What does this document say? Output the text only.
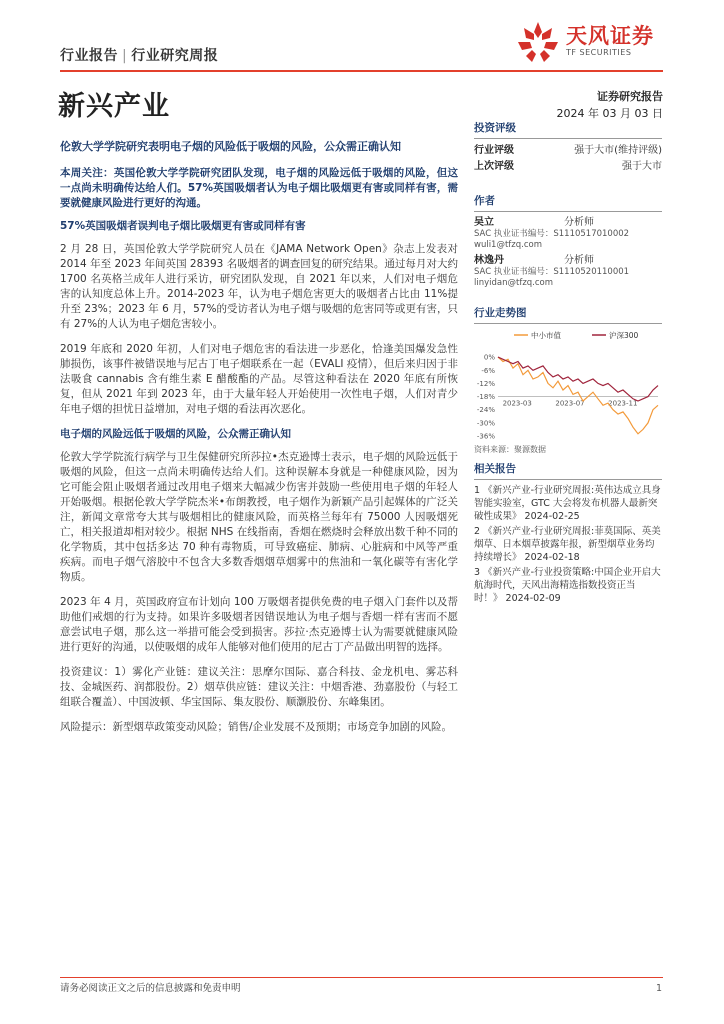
行业报告 | 行业研究周报
天风证券
TF SECURITIES
新兴产业	证券研究报告
2024 年 03 月 03 日
伦敦大学学院研究表明电子烟的风险低于吸烟的风险，公众需正确认知
本周关注：英国伦敦大学学院研究团队发现，电子烟的风险远低于吸烟的风险，但这一点尚未明确传达给人们。57%英国吸烟者认为电子烟比吸烟更有害或同样有害，需要就健康风险进行更好的沟通。
57%英国吸烟者误判电子烟比吸烟更有害或同样有害
2 月 28 日，英国伦敦大学学院研究人员在《JAMA Network Open》杂志上发表对 2014 年至 2023 年间英国 28393 名吸烟者的调查回复的研究结果。通过每月对大约 1700 名英格兰成年人进行采访，研究团队发现，自 2021 年以来，人们对电子烟危害的认知度总体上升。2014-2023 年，认为电子烟危害更大的吸烟者占比由 11%提升至 23%；2023 年 6 月，57%的受访者认为电子烟与吸烟的危害同等或更有害，只有 27%的人认为电子烟危害较小。
2019 年底和 2020 年初，人们对电子烟危害的看法进一步恶化，恰逢美国爆发急性肺损伤，该事件被错误地与尼古丁电子烟联系在一起（EVALI 疫情），但后来归因于非法吸食 cannabis 含有维生素 E 醋酸酯的产品。尽管这种看法在 2020 年底有所恢复，但从 2021 年到 2023 年，由于大量年轻人开始使用一次性电子烟，人们对青少年电子烟的担忧日益增加，对电子烟的看法再次恶化。
电子烟的风险远低于吸烟的风险，公众需正确认知
伦敦大学学院流行病学与卫生保健研究所莎拉•杰克逊博士表示，电子烟的风险远低于吸烟的风险，但这一点尚未明确传达给人们。这种误解本身就是一种健康风险，因为它可能会阻止吸烟者通过改用电子烟来大幅减少伤害并鼓励一些使用电子烟的年轻人开始吸烟。根据伦敦大学学院杰米•布朗教授，电子烟作为新颖产品引起媒体的广泛关注，新闻文章常夸大其与吸烟相比的健康风险，而英格兰每年有 75000 人因吸烟死亡，相关报道却相对较少。根据 NHS 在线指南，香烟在燃烧时会释放出数千种不同的化学物质，其中包括多达 70 种有毒物质，可导致癌症、肺病、心脏病和中风等严重疾病。而电子烟气溶胶中不包含大多数香烟烟草烟雾中的焦油和一氧化碳等有害化学物质。
2023 年 4 月，英国政府宣布计划向 100 万吸烟者提供免费的电子烟入门套件以及帮助他们戒烟的行为支持。如果许多吸烟者因错误地认为电子烟与香烟一样有害而不愿意尝试电子烟，那么这一举措可能会受到损害。莎拉·杰克逊博士认为需要就健康风险进行更好的沟通，以使吸烟的成年人能够对他们使用的尼古丁产品做出明智的选择。
投资建议：1）雾化产业链：建议关注：思摩尔国际、嘉合科技、金龙机电、雾芯科技、金城医药、润都股份。2）烟草供应链：建议关注：中烟香港、劲嘉股份（与轻工组联合覆盖）、中国波顿、华宝国际、集友股份、顺灏股份、东峰集团。
风险提示：新型烟草政策变动风险；销售/企业发展不及预期；市场竞争加剧的风险。
投资评级
行业评级	强于大市(维持评级)
上次评级	强于大市
作者
吴立	分析师
SAC 执业证书编号：S1110517010002
wuli1@tfzq.com
林逸丹	分析师
SAC 执业证书编号：S1110520110001
linyidan@tfzq.com
行业走势图
中小市值	沪深300
0%
-6%
-12%
-18%
-24%
-30%
-36%
2023-03	2023-07	2023-11
资料来源：聚源数据
相关报告
1 《新兴产业-行业研究周报:英伟达成立具身智能实验室，GTC 大会将发布机器人最新突破性成果》 2024-02-25
2 《新兴产业-行业研究周报:菲莫国际、英美烟草、日本烟草披露年报，新型烟草业务均持续增长》 2024-02-18
3 《新兴产业-行业投资策略:中国企业开启大航海时代，天风出海精选指数投资正当时！》 2024-02-09
请务必阅读正文之后的信息披露和免责申明	1
